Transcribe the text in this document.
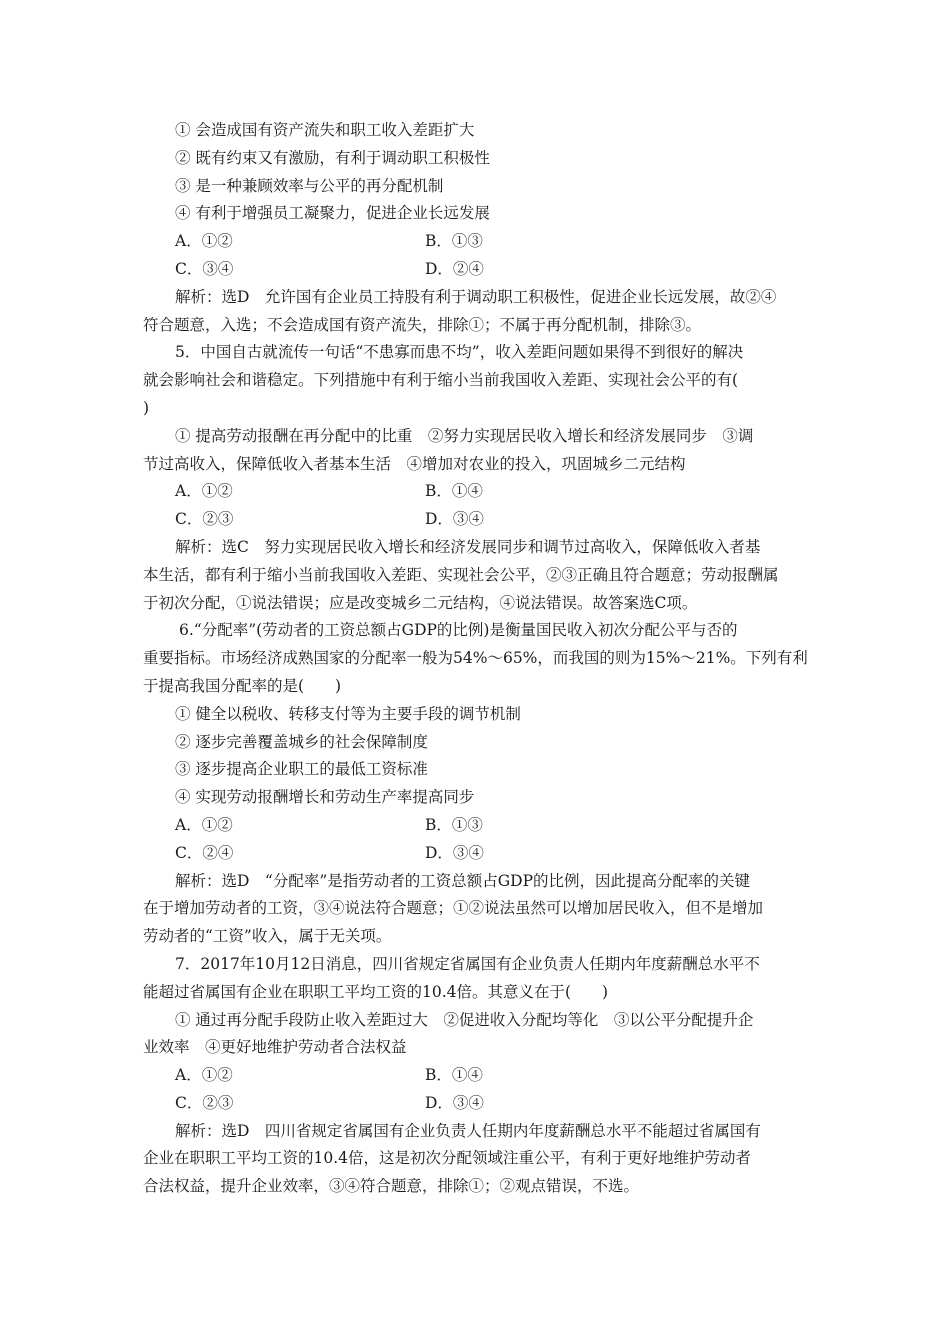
① 会造成国有资产流失和职工收入差距扩大
② 既有约束又有激励，有利于调动职工积极性
③ 是一种兼顾效率与公平的再分配机制
④ 有利于增强员工凝聚力，促进企业长远发展
A．①②	B．①③
C．③④	D．②④
解析：选D　允许国有企业员工持股有利于调动职工积极性，促进企业长远发展，故②④
符合题意，入选；不会造成国有资产流失，排除①；不属于再分配机制，排除③。
5．中国自古就流传一句话“不患寡而患不均”，收入差距问题如果得不到很好的解决
就会影响社会和谐稳定。下列措施中有利于缩小当前我国收入差距、实现社会公平的有(
)
① 提高劳动报酬在再分配中的比重　②努力实现居民收入增长和经济发展同步　③调
节过高收入，保障低收入者基本生活　④增加对农业的投入，巩固城乡二元结构
A．①②	B．①④
C．②③	D．③④
解析：选C　努力实现居民收入增长和经济发展同步和调节过高收入，保障低收入者基
本生活，都有利于缩小当前我国收入差距、实现社会公平，②③正确且符合题意；劳动报酬属
于初次分配，①说法错误；应是改变城乡二元结构，④说法错误。故答案选C项。
6.“分配率”(劳动者的工资总额占GDP的比例)是衡量国民收入初次分配公平与否的
重要指标。市场经济成熟国家的分配率一般为54%～65%，而我国的则为15%～21%。下列有利
于提高我国分配率的是(　　)
① 健全以税收、转移支付等为主要手段的调节机制
② 逐步完善覆盖城乡的社会保障制度
③ 逐步提高企业职工的最低工资标准
④ 实现劳动报酬增长和劳动生产率提高同步
A．①②	B．①③
C．②④	D．③④
解析：选D　“分配率”是指劳动者的工资总额占GDP的比例，因此提高分配率的关键
在于增加劳动者的工资，③④说法符合题意；①②说法虽然可以增加居民收入，但不是增加
劳动者的“工资”收入，属于无关项。
7．2017年10月12日消息，四川省规定省属国有企业负责人任期内年度薪酬总水平不
能超过省属国有企业在职职工平均工资的10.4倍。其意义在于(　　)
① 通过再分配手段防止收入差距过大　②促进收入分配均等化　③以公平分配提升企
业效率　④更好地维护劳动者合法权益
A．①②	B．①④
C．②③	D．③④
解析：选D　四川省规定省属国有企业负责人任期内年度薪酬总水平不能超过省属国有
企业在职职工平均工资的10.4倍，这是初次分配领域注重公平，有利于更好地维护劳动者
合法权益，提升企业效率，③④符合题意，排除①；②观点错误，不选。
